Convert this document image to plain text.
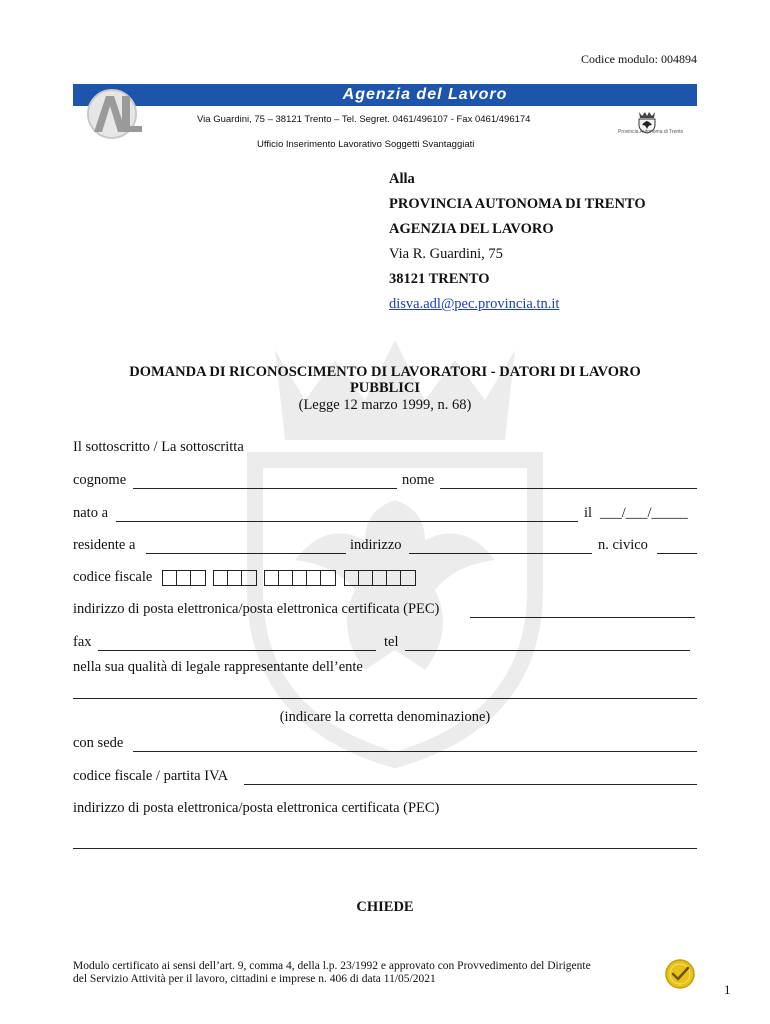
Codice modulo: 004894
Agenzia del Lavoro
Via Guardini, 75 – 38121 Trento – Tel. Segret. 0461/496107 - Fax 0461/496174
Ufficio Inserimento Lavorativo Soggetti Svantaggiati
Provincia Autonoma di Trento
Alla
PROVINCIA AUTONOMA DI TRENTO
AGENZIA DEL LAVORO
Via R. Guardini, 75
38121 TRENTO
disva.adl@pec.provincia.tn.it
DOMANDA DI RICONOSCIMENTO DI LAVORATORI - DATORI DI LAVORO
PUBBLICI
(Legge 12 marzo 1999, n. 68)
Il sottoscritto / La sottoscritta
cognome	nome
nato a	il ___/___/_____
residente a	indirizzo	n. civico
codice fiscale
indirizzo di posta elettronica/posta elettronica certificata (PEC)
fax	tel
nella sua qualità di legale rappresentante dell’ente
(indicare la corretta denominazione)
con sede
codice fiscale / partita IVA
indirizzo di posta elettronica/posta elettronica certificata (PEC)
CHIEDE
Modulo certificato ai sensi dell’art. 9, comma 4, della l.p. 23/1992 e approvato con Provvedimento del Dirigente
del Servizio Attività per il lavoro, cittadini e imprese n. 406 di data 11/05/2021
1
